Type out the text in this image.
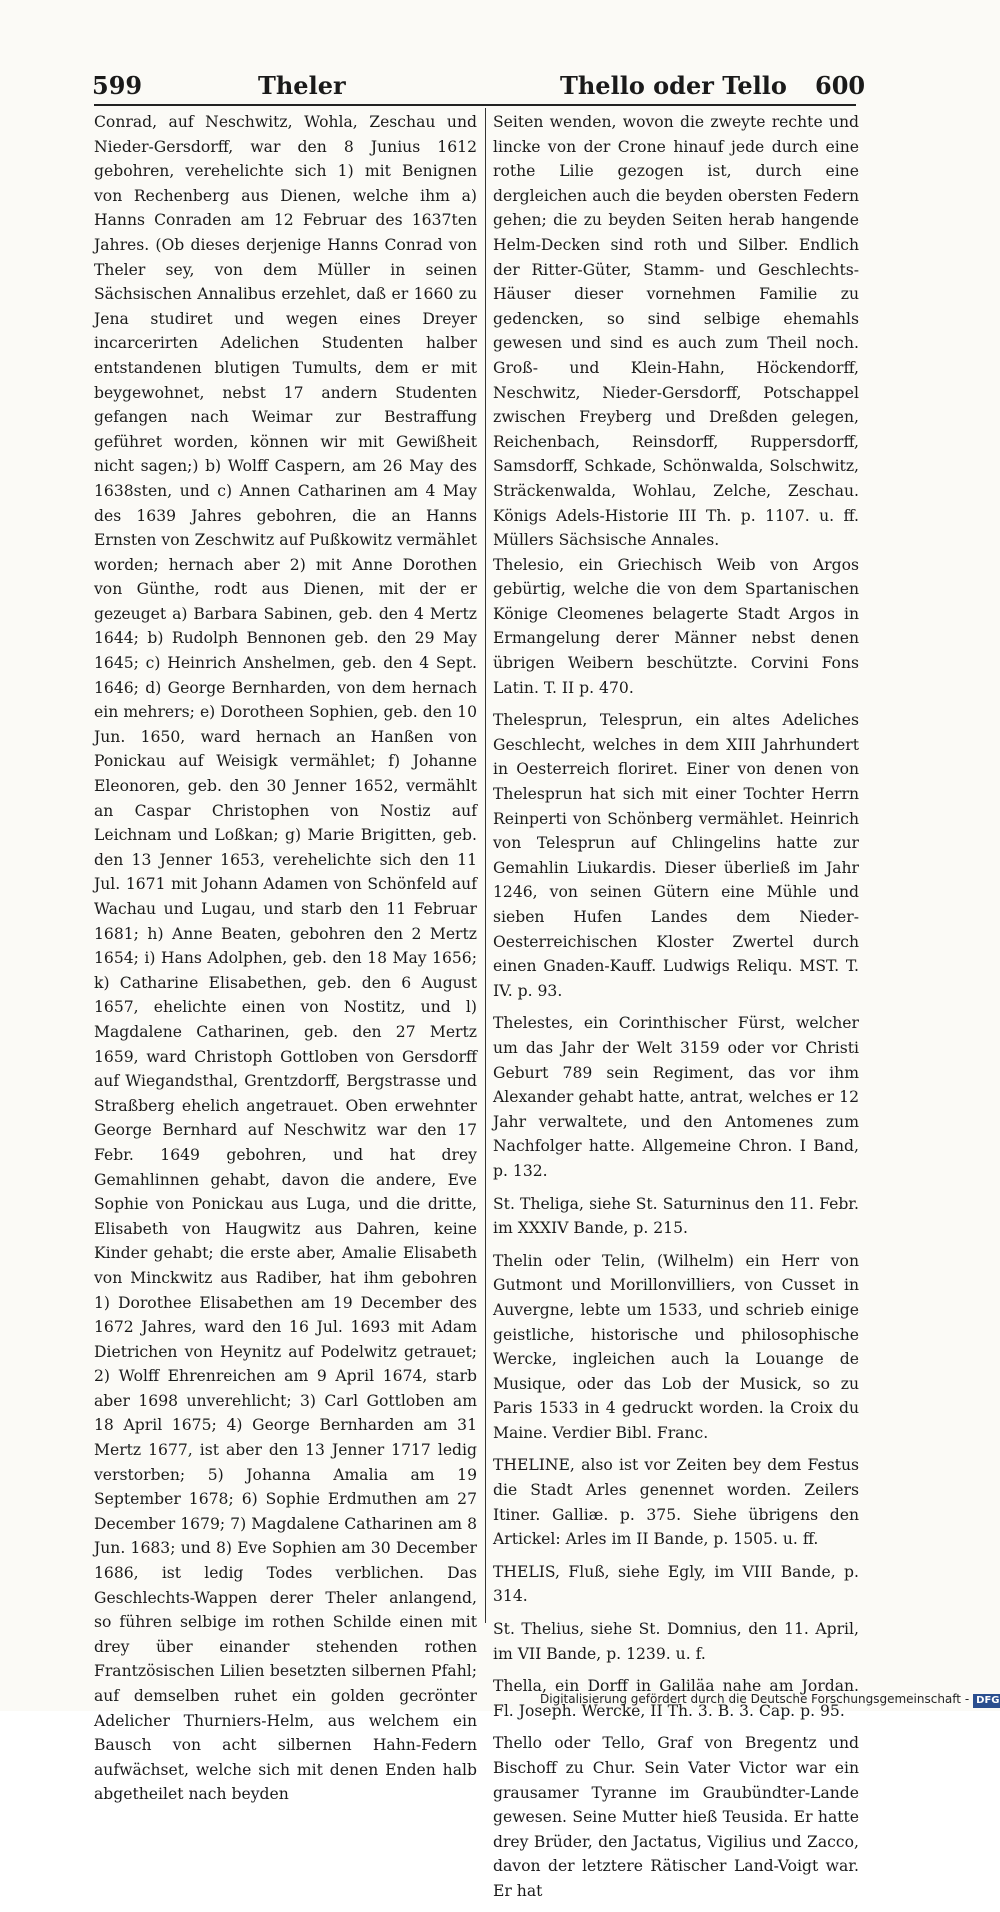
599	Theler	Thello oder Tello 600

Conrad, auf Neschwitz, Wohla, Zeschau und Nieder-Gersdorff, war den 8 Junius 1612 gebohren, verehelichte sich 1) mit Benignen von Rechenberg aus Dienen, welche ihm a) Hanns Conraden am 12 Februar des 1637ten Jahres. (Ob dieses derjenige Hanns Conrad von Theler sey, von dem Müller in seinen Sächsischen Annalibus erzehlet, daß er 1660 zu Jena studiret und wegen eines Dreyer incarcerirten Adelichen Studenten halber entstandenen blutigen Tumults, dem er mit beygewohnet, nebst 17 andern Studenten gefangen nach Weimar zur Bestraffung geführet worden, können wir mit Gewißheit nicht sagen;) b) Wolff Caspern, am 26 May des 1638sten, und c) Annen Catharinen am 4 May des 1639 Jahres gebohren, die an Hanns Ernsten von Zeschwitz auf Pußkowitz vermählet worden; hernach aber 2) mit Anne Dorothen von Günthe, rodt aus Dienen, mit der er gezeuget a) Barbara Sabinen, geb. den 4 Mertz 1644; b) Rudolph Bennonen geb. den 29 May 1645; c) Heinrich Anshelmen, geb. den 4 Sept. 1646; d) George Bernharden, von dem hernach ein mehrers; e) Dorotheen Sophien, geb. den 10 Jun. 1650, ward hernach an Hanßen von Ponickau auf Weisigk vermählet; f) Johanne Eleonoren, geb. den 30 Jenner 1652, vermählt an Caspar Christophen von Nostiz auf Leichnam und Loßkan; g) Marie Brigitten, geb. den 13 Jenner 1653, verehelichte sich den 11 Jul. 1671 mit Johann Adamen von Schönfeld auf Wachau und Lugau, und starb den 11 Februar 1681; h) Anne Beaten, gebohren den 2 Mertz 1654; i) Hans Adolphen, geb. den 18 May 1656; k) Catharine Elisabethen, geb. den 6 August 1657, ehelichte einen von Nostitz, und l) Magdalene Catharinen, geb. den 27 Mertz 1659, ward Christoph Gottloben von Gersdorff auf Wiegandsthal, Grentzdorff, Bergstrasse und Straßberg ehelich angetrauet. Oben erwehnter George Bernhard auf Neschwitz war den 17 Febr. 1649 gebohren, und hat drey Gemahlinnen gehabt, davon die andere, Eve Sophie von Ponickau aus Luga, und die dritte, Elisabeth von Haugwitz aus Dahren, keine Kinder gehabt; die erste aber, Amalie Elisabeth von Minckwitz aus Radiber, hat ihm gebohren 1) Dorothee Elisabethen am 19 December des 1672 Jahres, ward den 16 Jul. 1693 mit Adam Dietrichen von Heynitz auf Podelwitz getrauet; 2) Wolff Ehrenreichen am 9 April 1674, starb aber 1698 unverehlicht; 3) Carl Gottloben am 18 April 1675; 4) George Bernharden am 31 Mertz 1677, ist aber den 13 Jenner 1717 ledig verstorben; 5) Johanna Amalia am 19 September 1678; 6) Sophie Erdmuthen am 27 December 1679; 7) Magdalene Catharinen am 8 Jun. 1683; und 8) Eve Sophien am 30 December 1686, ist ledig Todes verblichen. Das Geschlechts-Wappen derer Theler anlangend, so führen selbige im rothen Schilde einen mit drey über einander stehenden rothen Frantzösischen Lilien besetzten silbernen Pfahl; auf demselben ruhet ein golden gecrönter Adelicher Thurniers-Helm, aus welchem ein Bausch von acht silbernen Hahn-Federn aufwächset, welche sich mit denen Enden halb abgetheilet nach beyden

Seiten wenden, wovon die zweyte rechte und lincke von der Crone hinauf jede durch eine rothe Lilie gezogen ist, durch eine dergleichen auch die beyden obersten Federn gehen; die zu beyden Seiten herab hangende Helm-Decken sind roth und Silber. Endlich der Ritter-Güter, Stamm- und Geschlechts-Häuser dieser vornehmen Familie zu gedencken, so sind selbige ehemahls gewesen und sind es auch zum Theil noch. Groß- und Klein-Hahn, Höckendorff, Neschwitz, Nieder-Gersdorff, Potschappel zwischen Freyberg und Dreßden gelegen, Reichenbach, Reinsdorff, Ruppersdorff, Samsdorff, Schkade, Schönwalda, Solschwitz, Sträckenwalda, Wohlau, Zelche, Zeschau. Königs Adels-Historie III Th. p. 1107. u. ff. Müllers Sächsische Annales.

Thelesio, ein Griechisch Weib von Argos gebürtig, welche die von dem Spartanischen Könige Cleomenes belagerte Stadt Argos in Ermangelung derer Männer nebst denen übrigen Weibern beschützte. Corvini Fons Latin. T. II p. 470.

Thelesprun, Telesprun, ein altes Adeliches Geschlecht, welches in dem XIII Jahrhundert in Oesterreich floriret. Einer von denen von Thelesprun hat sich mit einer Tochter Herrn Reinperti von Schönberg vermählet. Heinrich von Telesprun auf Chlingelins hatte zur Gemahlin Liukardis. Dieser überließ im Jahr 1246, von seinen Gütern eine Mühle und sieben Hufen Landes dem Nieder-Oesterreichischen Kloster Zwertel durch einen Gnaden-Kauff. Ludwigs Reliqu. MST. T. IV. p. 93.

Thelestes, ein Corinthischer Fürst, welcher um das Jahr der Welt 3159 oder vor Christi Geburt 789 sein Regiment, das vor ihm Alexander gehabt hatte, antrat, welches er 12 Jahr verwaltete, und den Antomenes zum Nachfolger hatte. Allgemeine Chron. I Band, p. 132.

St. Theliga, siehe St. Saturninus den 11. Febr. im XXXIV Bande, p. 215.

Thelin oder Telin, (Wilhelm) ein Herr von Gutmont und Morillonvilliers, von Cusset in Auvergne, lebte um 1533, und schrieb einige geistliche, historische und philosophische Wercke, ingleichen auch la Louange de Musique, oder das Lob der Musick, so zu Paris 1533 in 4 gedruckt worden. la Croix du Maine. Verdier Bibl. Franc.

THELINE, also ist vor Zeiten bey dem Festus die Stadt Arles genennet worden. Zeilers Itiner. Galliæ. p. 375. Siehe übrigens den Artickel: Arles im II Bande, p. 1505. u. ff.

THELIS, Fluß, siehe Egly, im VIII Bande, p. 314.

St. Thelius, siehe St. Domnius, den 11. April, im VII Bande, p. 1239. u. f.

Thella, ein Dorff in Galiläa nahe am Jordan. Fl. Joseph. Wercke, II Th. 3. B. 3. Cap. p. 95.

Thello oder Tello, Graf von Bregentz und Bischoff zu Chur. Sein Vater Victor war ein grausamer Tyranne im Graubündter-Lande gewesen. Seine Mutter hieß Teusida. Er hatte drey Brüder, den Jactatus, Vigilius und Zacco, davon der letztere Rätischer Land-Voigt war. Er hat

Digitalisierung gefördert durch die Deutsche Forschungsgemeinschaft - DFG
